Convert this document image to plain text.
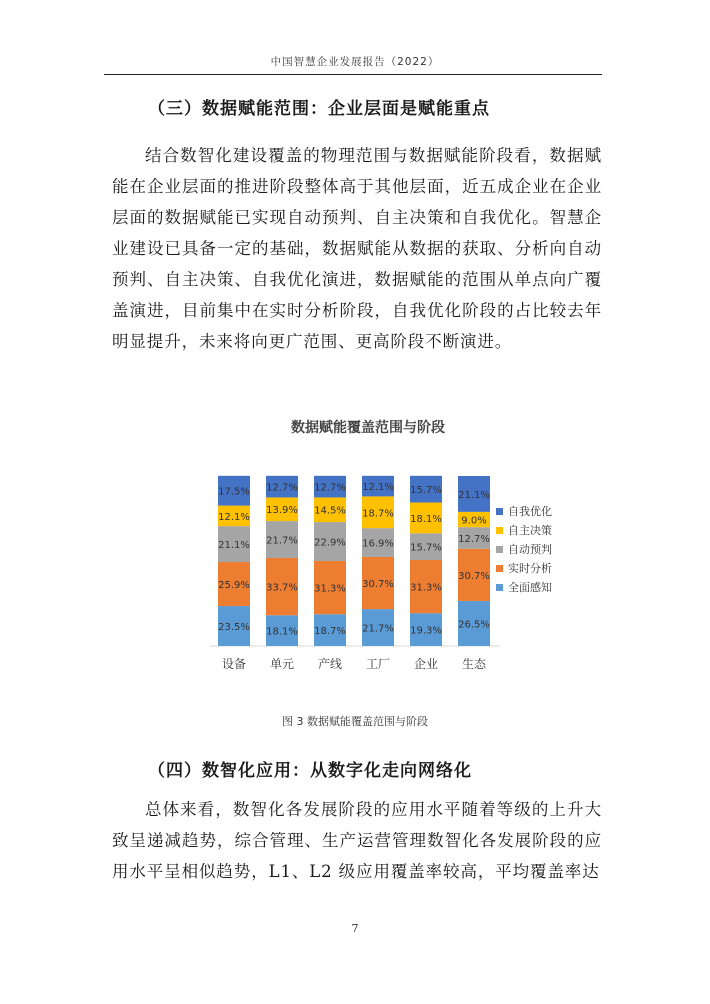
中国智慧企业发展报告（2022）
（三）数据赋能范围：企业层面是赋能重点
结合数智化建设覆盖的物理范围与数据赋能阶段看，数据赋能在企业层面的推进阶段整体高于其他层面，近五成企业在企业层面的数据赋能已实现自动预判、自主决策和自我优化。智慧企业建设已具备一定的基础，数据赋能从数据的获取、分析向自动预判、自主决策、自我优化演进，数据赋能的范围从单点向广覆盖演进，目前集中在实时分析阶段，自我优化阶段的占比较去年明显提升，未来将向更广范围、更高阶段不断演进。
数据赋能覆盖范围与阶段
23.5%
25.9%
21.1%
12.1%
17.5%
设备
18.1%
33.7%
21.7%
13.9%
12.7%
单元
18.7%
31.3%
22.9%
14.5%
12.7%
产线
21.7%
30.7%
16.9%
18.7%
12.1%
工厂
19.3%
31.3%
15.7%
18.1%
15.7%
企业
26.5%
30.7%
12.7%
9.0%
21.1%
生态
自我优化
自主决策
自动预判
实时分析
全面感知
图 3 数据赋能覆盖范围与阶段
（四）数智化应用：从数字化走向网络化
总体来看，数智化各发展阶段的应用水平随着等级的上升大致呈递减趋势，综合管理、生产运营管理数智化各发展阶段的应用水平呈相似趋势，L1、L2 级应用覆盖率较高，平均覆盖率达
7
